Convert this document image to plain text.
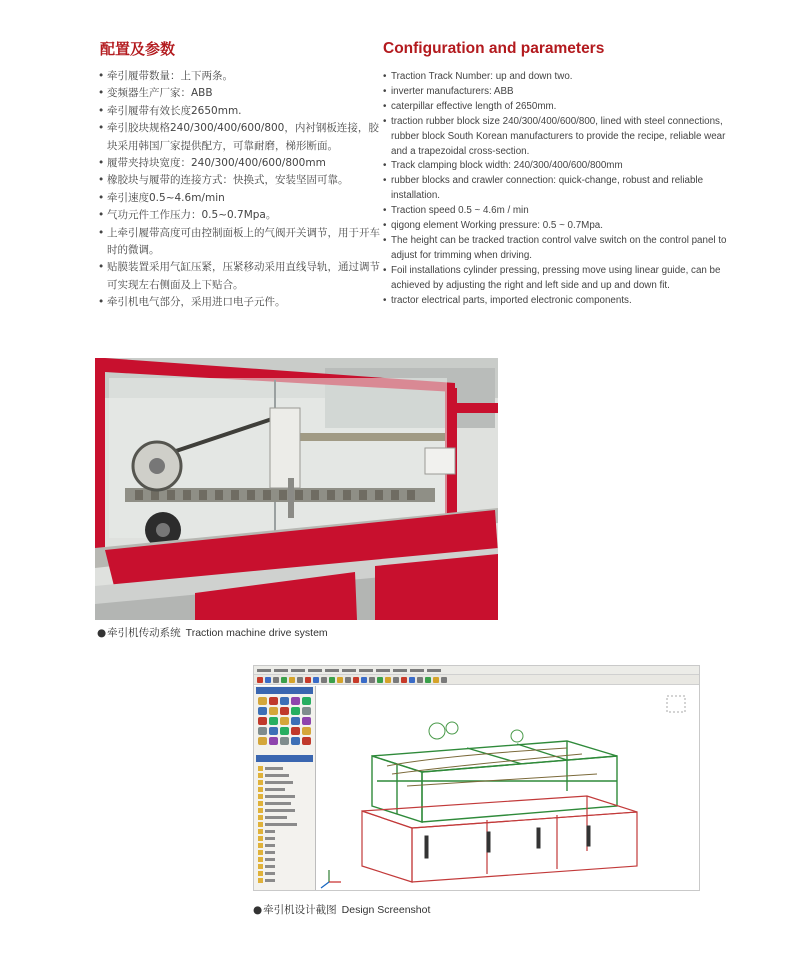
配置及参数	Configuration and parameters
• 牵引履带数量：上下两条。
• 变频器生产厂家：ABB
• 牵引履带有效长度2650mm.
• 牵引胶块规格240/300/400/600/800，内衬钢板连接，胶块采用韩国厂家提供配方，可靠耐磨，梯形断面。
• 履带夹持块宽度：240/300/400/600/800mm
• 橡胶块与履带的连接方式：快换式，安装坚固可靠。
• 牵引速度0.5~4.6m/min
• 气功元件工作压力：0.5~0.7Mpa。
• 上牵引履带高度可由控制面板上的气阀开关调节，用于开车时的微调。
• 贴膜装置采用气缸压紧，压紧移动采用直线导轨，通过调节可实现左右侧面及上下贴合。
• 牵引机电气部分，采用进口电子元件。
• Traction Track Number: up and down two.
• inverter manufacturers: ABB
• caterpillar effective length of 2650mm.
• traction rubber block size 240/300/400/600/800, lined with steel connections, rubber block South Korean manufacturers to provide the recipe, reliable wear and a trapezoidal cross-section.
• Track clamping block width: 240/300/400/600/800mm
• rubber blocks and crawler connection: quick-change, robust and reliable installation.
• Traction speed 0.5 ~ 4.6m / min
• qigong element Working pressure: 0.5 ~ 0.7Mpa.
• The height can be tracked traction control valve switch on the control panel to adjust for trimming when driving.
• Foil installations cylinder pressing, pressing move using linear guide, can be achieved by adjusting the right and left side and up and down fit.
• tractor electrical parts, imported electronic components.
●牵引机传动系统 Traction machine drive system
●牵引机设计截图 Design Screenshot
